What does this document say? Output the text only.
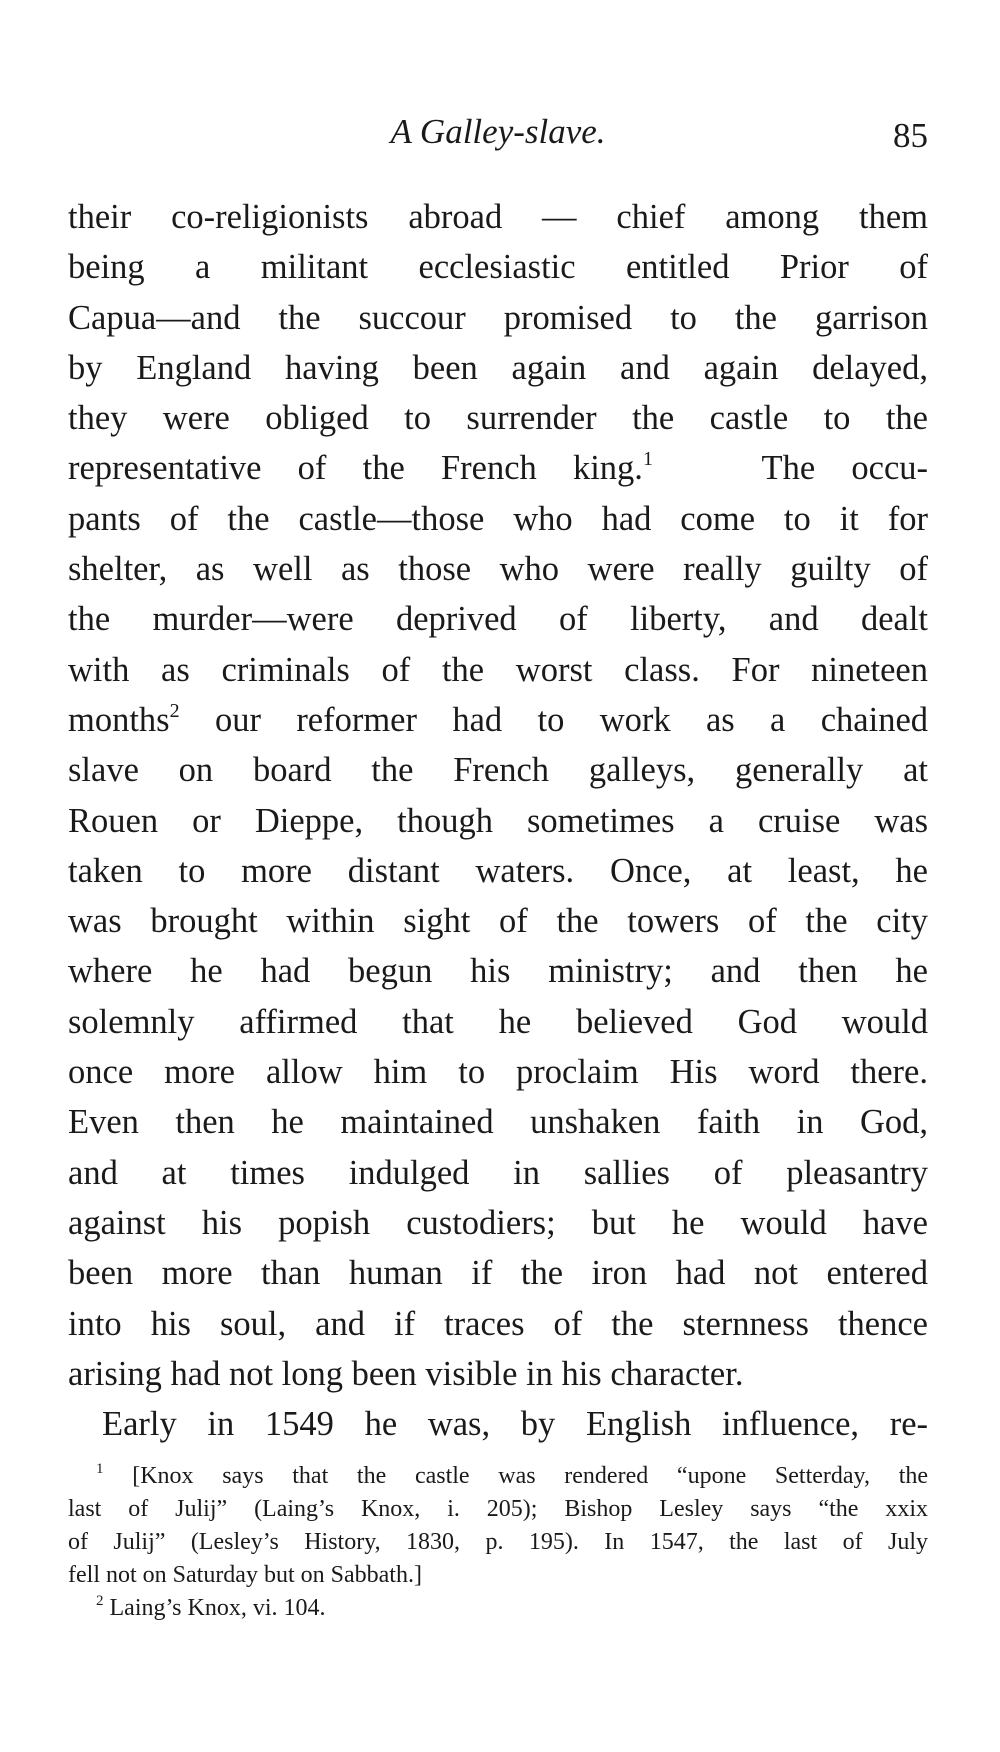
A Galley-slave.	85
their co-religionists abroad — chief among them
being a militant ecclesiastic entitled Prior of
Capua—and the succour promised to the garrison
by England having been again and again delayed,
they were obliged to surrender the castle to the
representative of the French king.$^1$	The occu-
pants of the castle—those who had come to it for
shelter, as well as those who were really guilty of
the murder—were deprived of liberty, and dealt
with as criminals of the worst class. For nineteen
months$^2$ our reformer had to work as a chained
slave on board the French galleys, generally at
Rouen or Dieppe, though sometimes a cruise was
taken to more distant waters. Once, at least, he
was brought within sight of the towers of the city
where he had begun his ministry; and then he
solemnly affirmed that he believed God would
once more allow him to proclaim His word there.
Even then he maintained unshaken faith in God,
and at times indulged in sallies of pleasantry
against his popish custodiers; but he would have
been more than human if the iron had not entered
into his soul, and if traces of the sternness thence
arising had not long been visible in his character.
Early in 1549 he was, by English influence, re-
$^1$ [Knox says that the castle was rendered “upone Setterday, the
last of Julij” (Laing’s Knox, i. 205); Bishop Lesley says “the xxix
of Julij” (Lesley’s History, 1830, p. 195). In 1547, the last of July
fell not on Saturday but on Sabbath.]
$^2$ Laing’s Knox, vi. 104.
